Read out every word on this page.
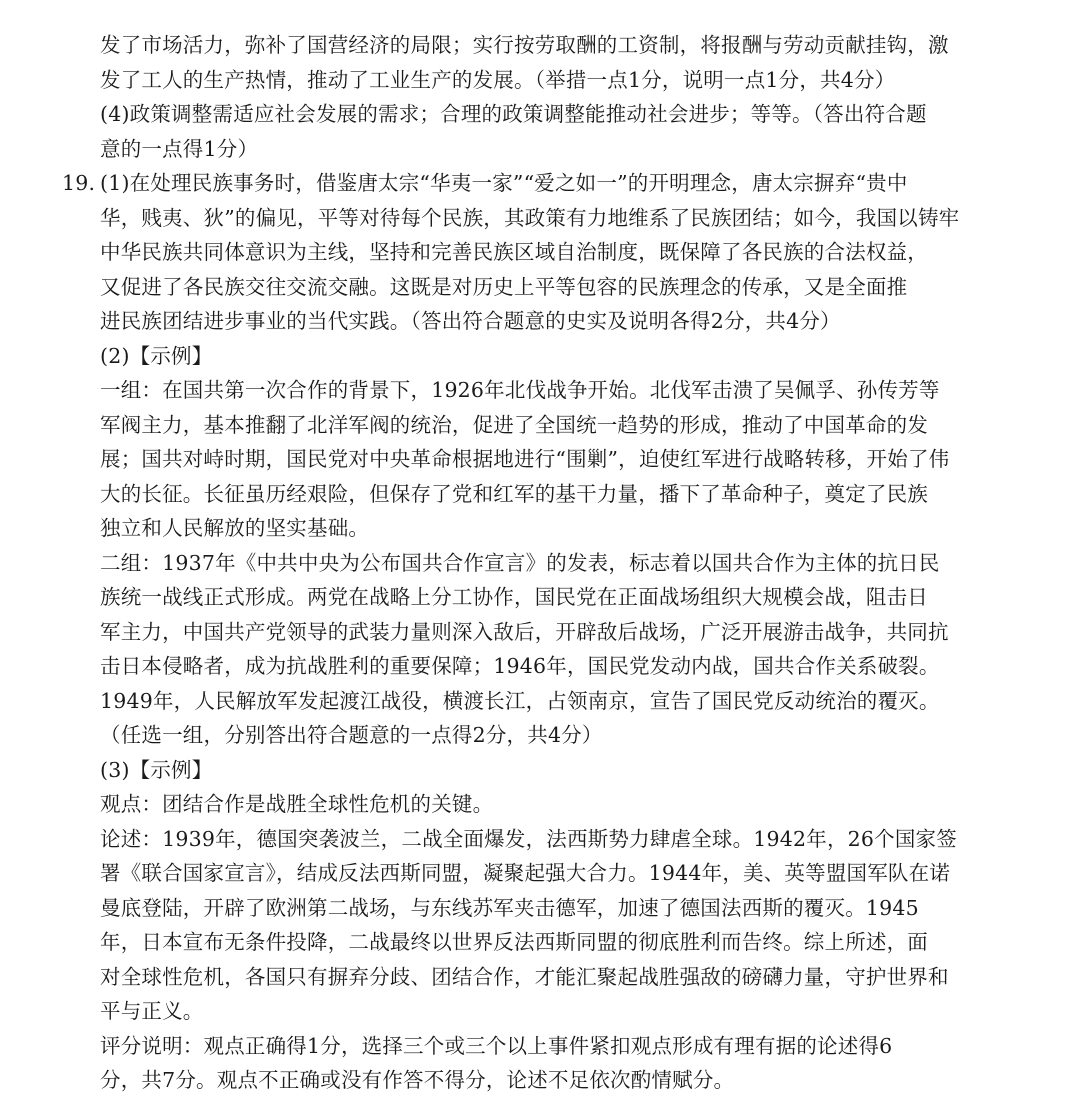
发了市场活力，弥补了国营经济的局限；实行按劳取酬的工资制，将报酬与劳动贡献挂钩，激
发了工人的生产热情，推动了工业生产的发展。（举措一点1分，说明一点1分，共4分）
(4)政策调整需适应社会发展的需求；合理的政策调整能推动社会进步；等等。（答出符合题
意的一点得1分）
19. (1)在处理民族事务时，借鉴唐太宗“华夷一家”“爱之如一”的开明理念，唐太宗摒弃“贵中
华，贱夷、狄”的偏见，平等对待每个民族，其政策有力地维系了民族团结；如今，我国以铸牢
中华民族共同体意识为主线，坚持和完善民族区域自治制度，既保障了各民族的合法权益，
又促进了各民族交往交流交融。这既是对历史上平等包容的民族理念的传承，又是全面推
进民族团结进步事业的当代实践。（答出符合题意的史实及说明各得2分，共4分）
(2)【示例】
一组：在国共第一次合作的背景下，1926年北伐战争开始。北伐军击溃了吴佩孚、孙传芳等
军阀主力，基本推翻了北洋军阀的统治，促进了全国统一趋势的形成，推动了中国革命的发
展；国共对峙时期，国民党对中央革命根据地进行“围剿”，迫使红军进行战略转移，开始了伟
大的长征。长征虽历经艰险，但保存了党和红军的基干力量，播下了革命种子，奠定了民族
独立和人民解放的坚实基础。
二组：1937年《中共中央为公布国共合作宣言》的发表，标志着以国共合作为主体的抗日民
族统一战线正式形成。两党在战略上分工协作，国民党在正面战场组织大规模会战，阻击日
军主力，中国共产党领导的武装力量则深入敌后，开辟敌后战场，广泛开展游击战争，共同抗
击日本侵略者，成为抗战胜利的重要保障；1946年，国民党发动内战，国共合作关系破裂。
1949年，人民解放军发起渡江战役，横渡长江，占领南京，宣告了国民党反动统治的覆灭。
（任选一组，分别答出符合题意的一点得2分，共4分）
(3)【示例】
观点：团结合作是战胜全球性危机的关键。
论述：1939年，德国突袭波兰，二战全面爆发，法西斯势力肆虐全球。1942年，26个国家签
署《联合国家宣言》，结成反法西斯同盟，凝聚起强大合力。1944年，美、英等盟国军队在诺
曼底登陆，开辟了欧洲第二战场，与东线苏军夹击德军，加速了德国法西斯的覆灭。1945
年，日本宣布无条件投降，二战最终以世界反法西斯同盟的彻底胜利而告终。综上所述，面
对全球性危机，各国只有摒弃分歧、团结合作，才能汇聚起战胜强敌的磅礴力量，守护世界和
平与正义。
评分说明：观点正确得1分，选择三个或三个以上事件紧扣观点形成有理有据的论述得6
分，共7分。观点不正确或没有作答不得分，论述不足依次酌情赋分。
